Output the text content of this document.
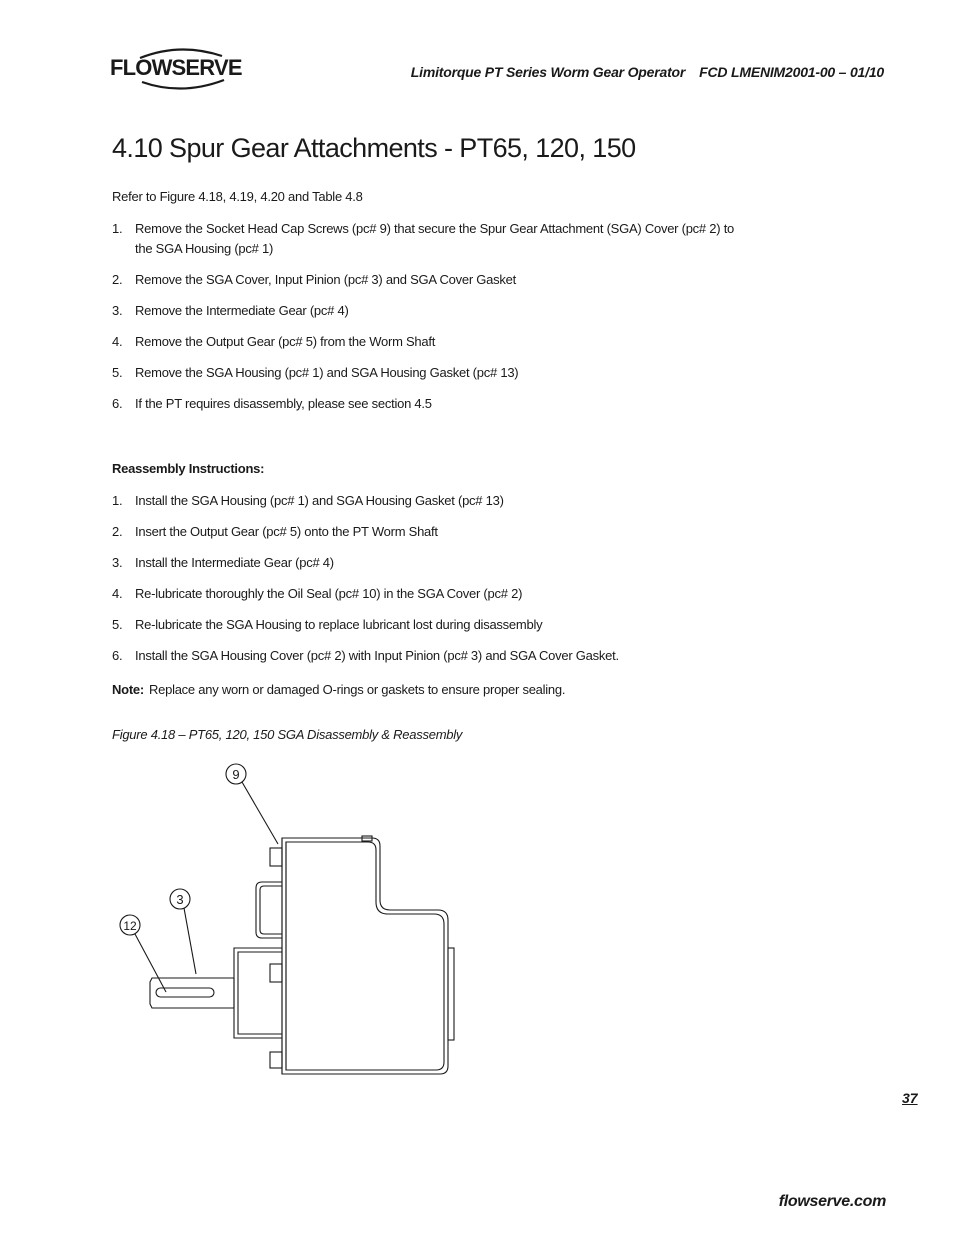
FLOWSERVE	Limitorque PT Series Worm Gear Operator FCD LMENIM2001-00 – 01/10
4.10 Spur Gear Attachments - PT65, 120, 150
Refer to Figure 4.18, 4.19, 4.20 and Table 4.8
1. Remove the Socket Head Cap Screws (pc# 9) that secure the Spur Gear Attachment (SGA) Cover (pc# 2) to the SGA Housing (pc# 1)
2. Remove the SGA Cover, Input Pinion (pc# 3) and SGA Cover Gasket
3. Remove the Intermediate Gear (pc# 4)
4. Remove the Output Gear (pc# 5) from the Worm Shaft
5. Remove the SGA Housing (pc# 1) and SGA Housing Gasket (pc# 13)
6. If the PT requires disassembly, please see section 4.5
Reassembly Instructions:
1. Install the SGA Housing (pc# 1) and SGA Housing Gasket (pc# 13)
2. Insert the Output Gear (pc# 5) onto the PT Worm Shaft
3. Install the Intermediate Gear (pc# 4)
4. Re-lubricate thoroughly the Oil Seal (pc# 10) in the SGA Cover (pc# 2)
5. Re-lubricate the SGA Housing to replace lubricant lost during disassembly
6. Install the SGA Housing Cover (pc# 2) with Input Pinion (pc# 3) and SGA Cover Gasket.
Note: Replace any worn or damaged O-rings or gaskets to ensure proper sealing.
Figure 4.18 – PT65, 120, 150 SGA Disassembly & Reassembly
9
3
12
37
flowserve.com
